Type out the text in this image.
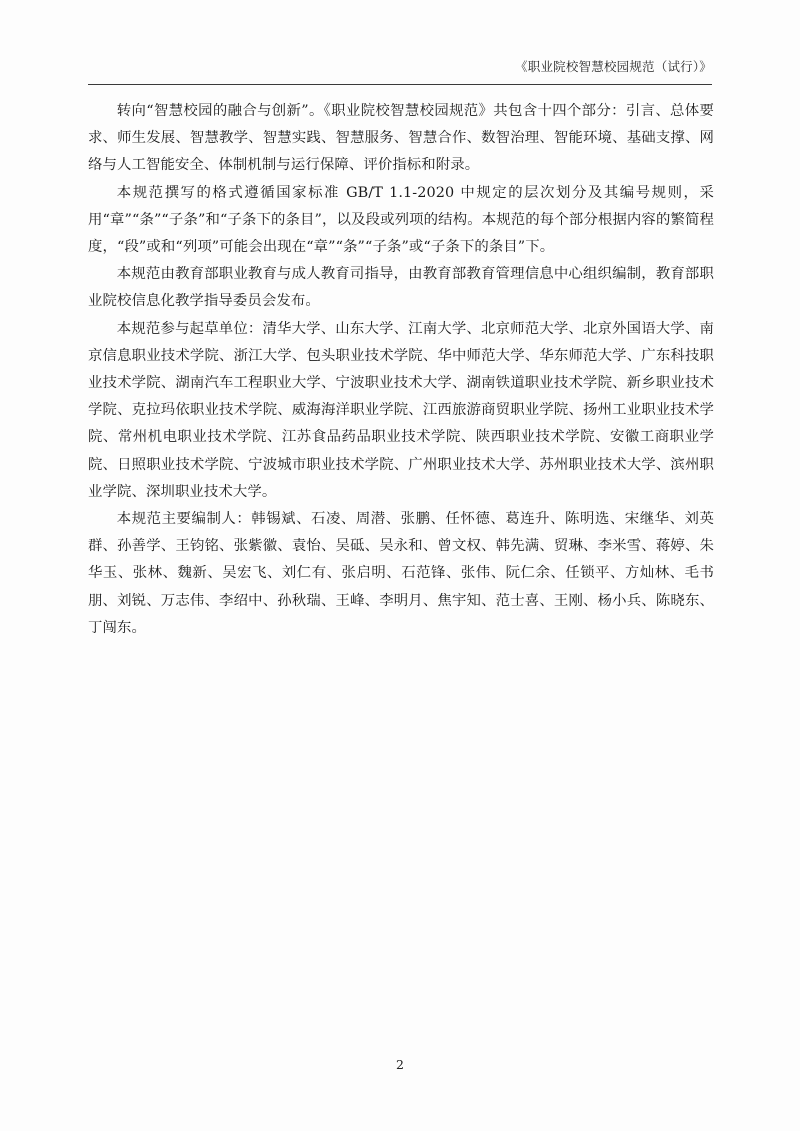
《职业院校智慧校园规范（试行）》

转向“智慧校园的融合与创新”。《职业院校智慧校园规范》共包含十四个部分：引言、总体要求、师生发展、智慧教学、智慧实践、智慧服务、智慧合作、数智治理、智能环境、基础支撑、网络与人工智能安全、体制机制与运行保障、评价指标和附录。

本规范撰写的格式遵循国家标准 GB/T 1.1-2020 中规定的层次划分及其编号规则，采用“章”“条”“子条”和“子条下的条目”，以及段或列项的结构。本规范的每个部分根据内容的繁简程度，“段”或和“列项”可能会出现在“章”“条”“子条”或“子条下的条目”下。

本规范由教育部职业教育与成人教育司指导，由教育部教育管理信息中心组织编制，教育部职业院校信息化教学指导委员会发布。

本规范参与起草单位：清华大学、山东大学、江南大学、北京师范大学、北京外国语大学、南京信息职业技术学院、浙江大学、包头职业技术学院、华中师范大学、华东师范大学、广东科技职业技术学院、湖南汽车工程职业大学、宁波职业技术大学、湖南铁道职业技术学院、新乡职业技术学院、克拉玛依职业技术学院、威海海洋职业学院、江西旅游商贸职业学院、扬州工业职业技术学院、常州机电职业技术学院、江苏食品药品职业技术学院、陕西职业技术学院、安徽工商职业学院、日照职业技术学院、宁波城市职业技术学院、广州职业技术大学、苏州职业技术大学、滨州职业学院、深圳职业技术大学。

本规范主要编制人：韩锡斌、石凌、周潜、张鹏、任怀德、葛连升、陈明选、宋继华、刘英群、孙善学、王钧铭、张紫徽、袁怡、吴砥、吴永和、曾文权、韩先满、贸琳、李米雪、蒋婷、朱华玉、张林、魏新、吴宏飞、刘仁有、张启明、石范锋、张伟、阮仁余、任锁平、方灿林、毛书朋、刘锐、万志伟、李绍中、孙秋瑞、王峰、李明月、焦宇知、范士喜、王刚、杨小兵、陈晓东、丁闯东。

2
